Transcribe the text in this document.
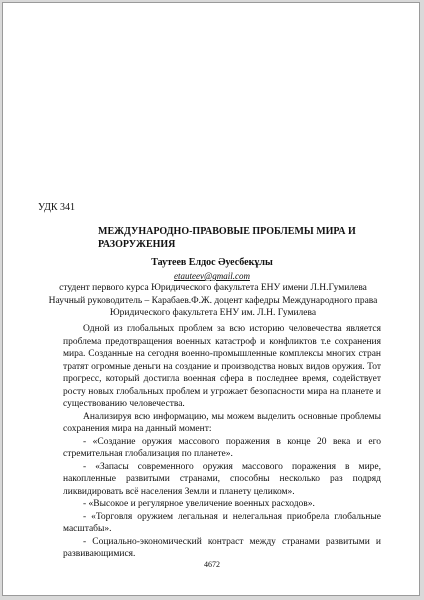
УДК 341
МЕЖДУНАРОДНО-ПРАВОВЫЕ ПРОБЛЕМЫ МИРА И РАЗОРУЖЕНИЯ
Таутеев Елдос Әуесбекұлы
etauteev@gmail.com
студент первого курса Юридического факультета ЕНУ имени Л.Н.Гумилева
Научный руководитель – Карабаев.Ф.Ж. доцент кафедры Международного права Юридического факультета ЕНУ им. Л.Н. Гумилева

Одной из глобальных проблем за всю историю человечества является проблема предотвращения военных катастроф и конфликтов т.е сохранения мира. Созданные на сегодня военно-промышленные комплексы многих стран тратят огромные деньги на создание и производства новых видов оружия. Тот прогресс, который достигла военная сфера в последнее время, содействует росту новых глобальных проблем и угрожает безопасности мира на планете и существованию человечества.

Анализируя всю информацию, мы можем выделить основные проблемы сохранения мира на данный момент:

- «Создание оружия массового поражения в конце 20 века и его стремительная глобализация по планете».
- «Запасы современного оружия массового поражения в мире, накопленные развитыми странами, способны несколько раз подряд ликвидировать всё населения Земли и планету целиком».
- «Высокое и регулярное увеличение военных расходов».
- «Торговля оружием легальная и нелегальная приобрела глобальные масштабы».
- Социально-экономический контраст между странами развитыми и развивающимися.
4672
